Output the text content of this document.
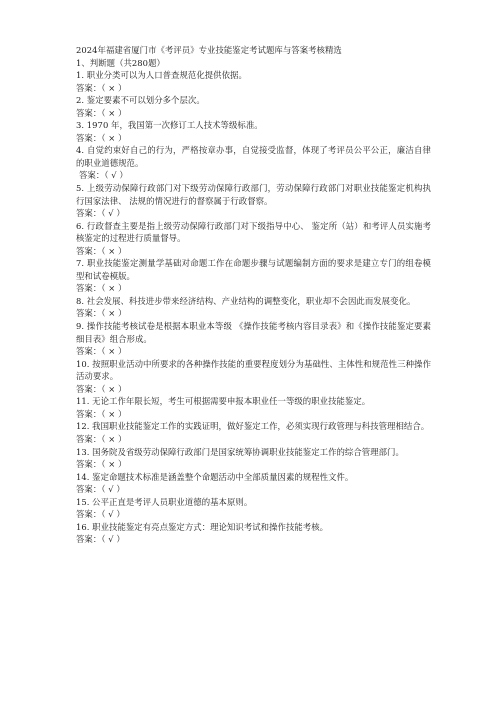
2024年福建省厦门市《考评员》专业技能鉴定考试题库与答案考核精选
1、判断题（共280题）
1. 职业分类可以为人口普查规范化提供依据。
答案：（ × ）
2. 鉴定要素不可以划分多个层次。
答案：（ × ）
3. 1970 年，我国第一次修订工人技术等级标准。
答案：（ × ）
4. 自觉约束好自己的行为，严格按章办事，自觉接受监督，体现了考评员公平公正，廉洁自律的职业道德规范。
答案：（ √ ）
5. 上级劳动保障行政部门对下级劳动保障行政部门，劳动保障行政部门对职业技能鉴定机构执行国家法律、 法规的情况进行的督察属于行政督察。
答案：（ √ ）
6. 行政督查主要是指上级劳动保障行政部门对下级指导中心、 鉴定所（站）和考评人员实施考核鉴定的过程进行质量督导。
答案：（ × ）
7. 职业技能鉴定测量学基础对命题工作在命题步骤与试题编制方面的要求是建立专门的组卷模型和试卷模版。
答案：（ × ）
8. 社会发展、科技进步带来经济结构、产业结构的调整变化，职业却不会因此而发展变化。
答案：（ × ）
9. 操作技能考核试卷是根据本职业本等级 《操作技能考核内容目录表》和《操作技能鉴定要素细目表》组合形成。
答案：（ × ）
10. 按照职业活动中所要求的各种操作技能的重要程度划分为基础性、主体性和规范性三种操作活动要求。
答案：（ × ）
11. 无论工作年限长短，考生可根据需要申报本职业任一等级的职业技能鉴定。
答案：（ × ）
12. 我国职业技能鉴定工作的实践证明，做好鉴定工作，必须实现行政管理与科技管理相结合。
答案：（ × ）
13. 国务院及省级劳动保障行政部门是国家统筹协调职业技能鉴定工作的综合管理部门。
答案：（ × ）
14. 鉴定命题技术标准是涵盖整个命题活动中全部质量因素的规程性文件。
答案：（ √ ）
15. 公平正直是考评人员职业道德的基本原则。
答案：（ √ ）
16. 职业技能鉴定有亮点鉴定方式：理论知识考试和操作技能考核。
答案：（ √ ）
